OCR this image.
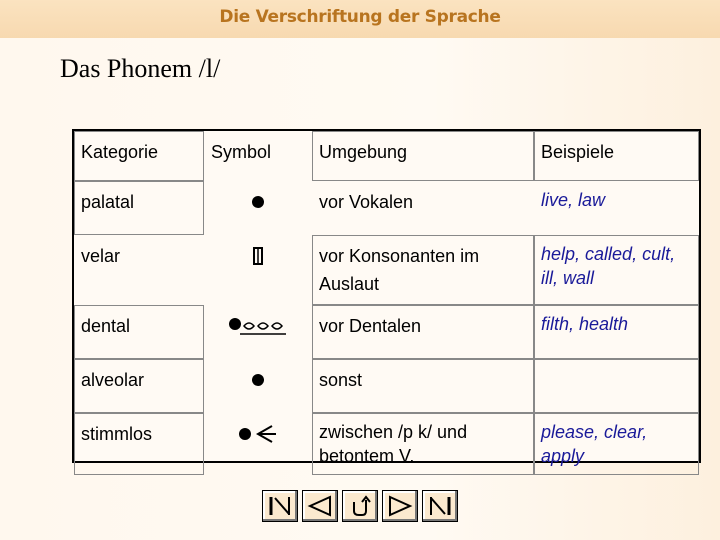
Die Verschriftung der Sprache
Das Phonem /l/
Kategorie	Symbol	Umgebung	Beispiele
palatal		vor Vokalen	live, law
velar		vor Konsonanten im Auslaut	help, called, cult, ill, wall
dental		vor Dentalen	filth, health
alveolar		sonst	
stimmlos		zwischen /p k/ und betontem V.	please, clear, apply
